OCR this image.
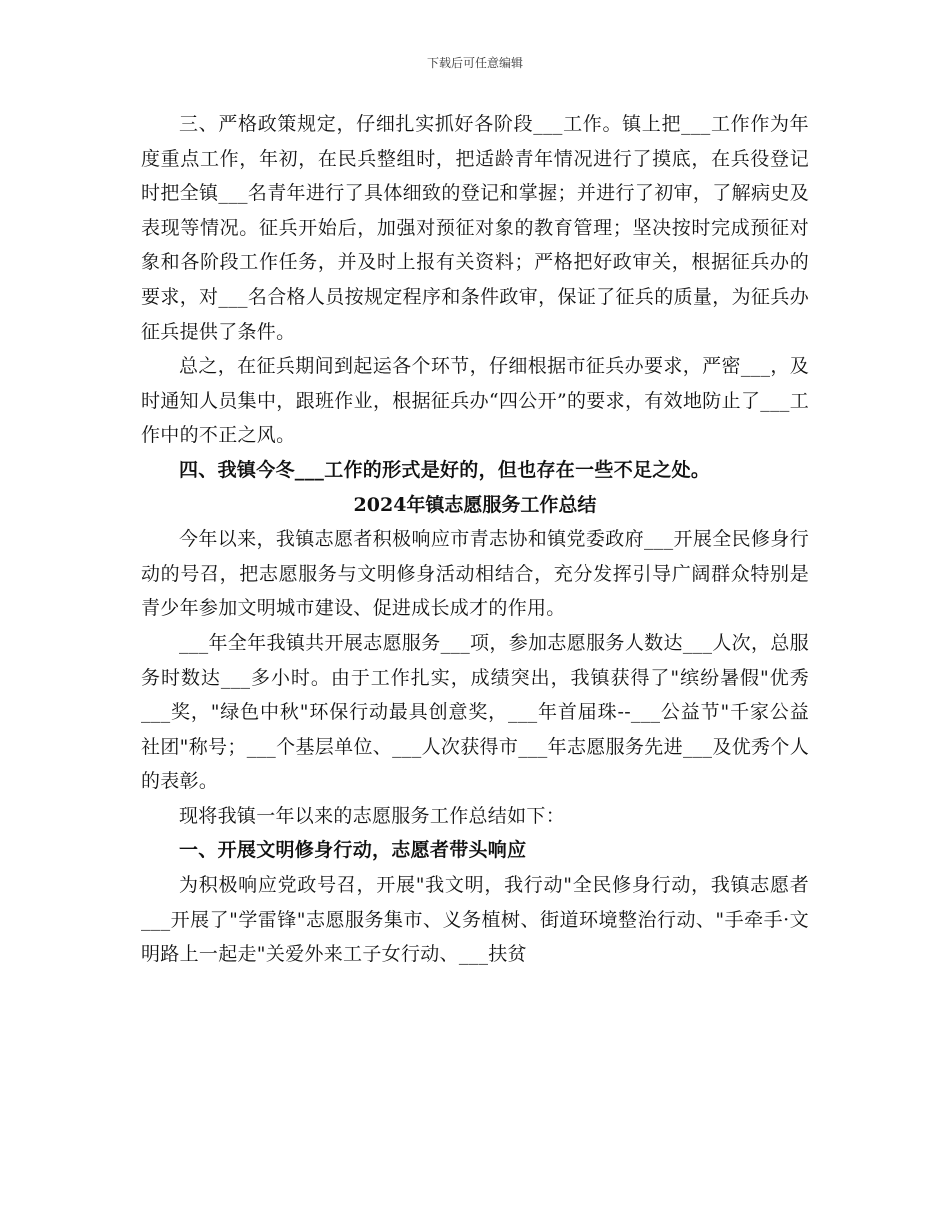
下载后可任意编辑

三、严格政策规定，仔细扎实抓好各阶段___工作。镇上把___工作作为年度重点工作，年初，在民兵整组时，把适龄青年情况进行了摸底，在兵役登记时把全镇___名青年进行了具体细致的登记和掌握；并进行了初审，了解病史及表现等情况。征兵开始后，加强对预征对象的教育管理；坚决按时完成预征对象和各阶段工作任务，并及时上报有关资料；严格把好政审关，根据征兵办的要求，对___名合格人员按规定程序和条件政审，保证了征兵的质量，为征兵办征兵提供了条件。

总之，在征兵期间到起运各个环节，仔细根据市征兵办要求，严密___，及时通知人员集中，跟班作业，根据征兵办“四公开”的要求，有效地防止了___工作中的不正之风。

四、我镇今冬___工作的形式是好的，但也存在一些不足之处。

2024年镇志愿服务工作总结

今年以来，我镇志愿者积极响应市青志协和镇党委政府___开展全民修身行动的号召，把志愿服务与文明修身活动相结合，充分发挥引导广阔群众特别是青少年参加文明城市建设、促进成长成才的作用。

___年全年我镇共开展志愿服务___项，参加志愿服务人数达___人次，总服务时数达___多小时。由于工作扎实，成绩突出，我镇获得了"缤纷暑假"优秀___奖，"绿色中秋"环保行动最具创意奖，___年首届珠--___公益节"千家公益社团"称号；___个基层单位、___人次获得市___年志愿服务先进___及优秀个人的表彰。

现将我镇一年以来的志愿服务工作总结如下：

一、开展文明修身行动，志愿者带头响应

为积极响应党政号召，开展"我文明，我行动"全民修身行动，我镇志愿者___开展了"学雷锋"志愿服务集市、义务植树、街道环境整治行动、"手牵手·文明路上一起走"关爱外来工子女行动、___扶贫
